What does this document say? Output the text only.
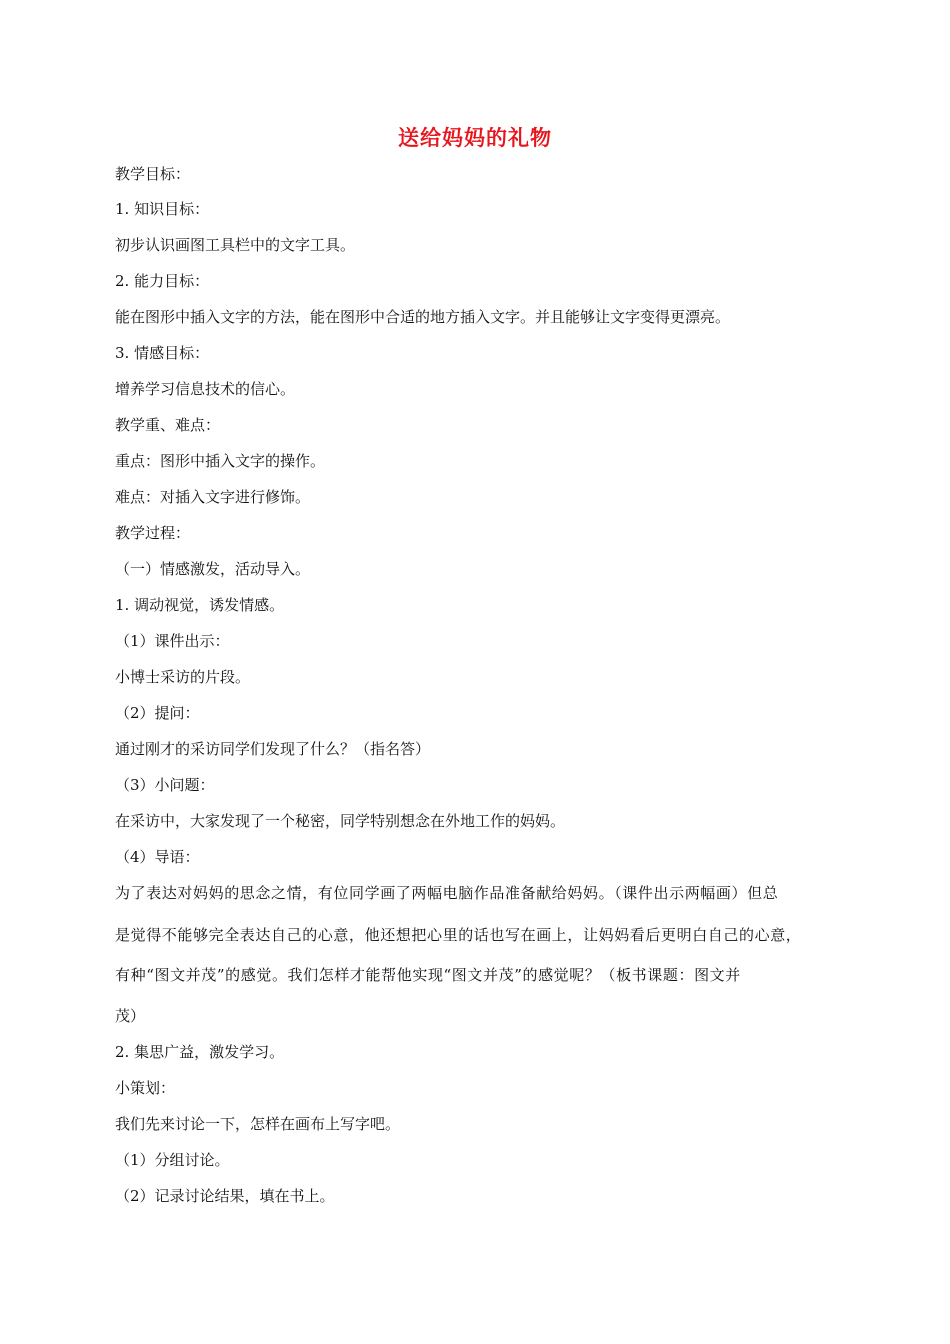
送给妈妈的礼物
教学目标：
1. 知识目标：
初步认识画图工具栏中的文字工具。
2. 能力目标：
能在图形中插入文字的方法，能在图形中合适的地方插入文字。并且能够让文字变得更漂亮。
3. 情感目标：
增养学习信息技术的信心。
教学重、难点：
重点：图形中插入文字的操作。
难点：对插入文字进行修饰。
教学过程：
（一）情感激发，活动导入。
1. 调动视觉，诱发情感。
（1）课件出示：
小博士采访的片段。
（2）提问：
通过刚才的采访同学们发现了什么？（指名答）
（3）小问题：
在采访中，大家发现了一个秘密，同学特别想念在外地工作的妈妈。
（4）导语：
为了表达对妈妈的思念之情，有位同学画了两幅电脑作品准备献给妈妈。（课件出示两幅画）但总
是觉得不能够完全表达自己的心意，他还想把心里的话也写在画上，让妈妈看后更明白自己的心意，
有种“图文并茂”的感觉。我们怎样才能帮他实现“图文并茂”的感觉呢？（板书课题：图文并
茂）
2. 集思广益，激发学习。
小策划：
我们先来讨论一下，怎样在画布上写字吧。
（1）分组讨论。
（2）记录讨论结果，填在书上。
